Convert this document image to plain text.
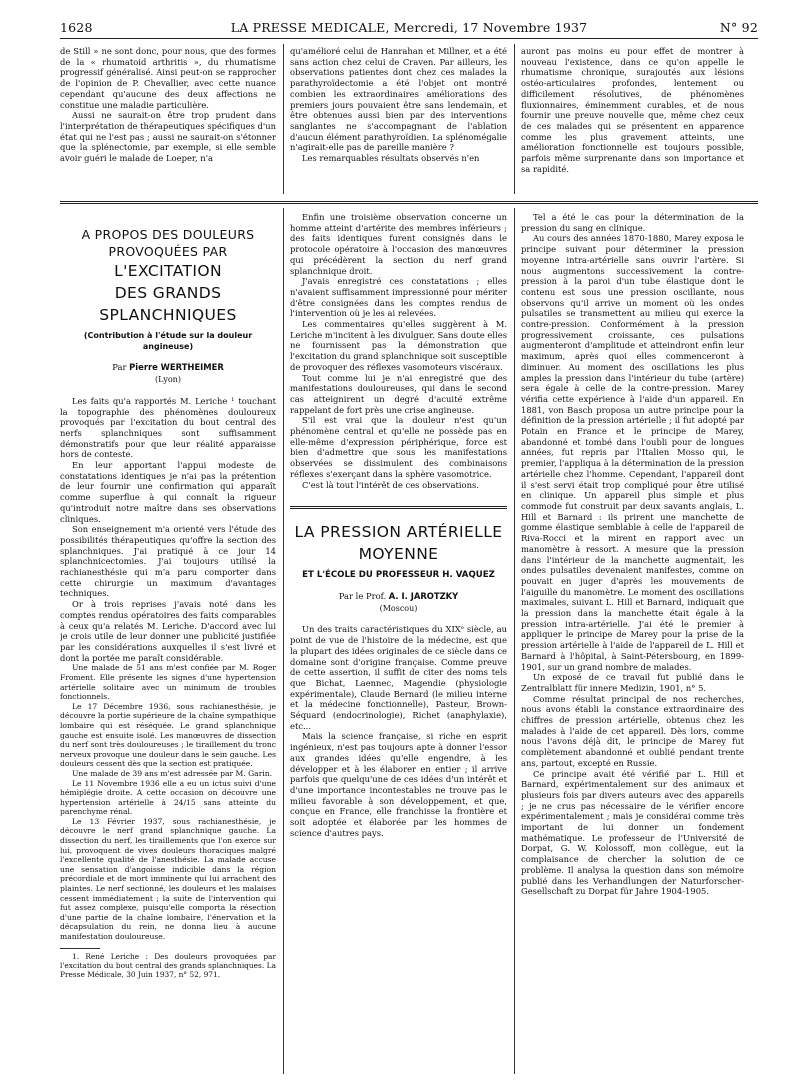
1628	LA PRESSE MEDICALE, Mercredi, 17 Novembre 1937	N° 92

de Still » ne sont donc, pour nous, que des formes de la « rhumatoid arthritis », du rhumatisme progressif généralisé. Ainsi peut-on se rapprocher de l'opinion de P. Chevallier, avec cette nuance cependant qu'aucune des deux affections ne constitue une maladie particulière.

Aussi ne saurait-on être trop prudent dans l'interprétation de thérapeutiques spécifiques d'un état qui ne l'est pas ; aussi ne saurait-on s'étonner que la splénectomie, par exemple, si elle semble avoir guéri le malade de Loeper, n'a

qu'amélioré celui de Hanrahan et Millner, et a été sans action chez celui de Craven. Par ailleurs, les observations patientes dont chez ces malades la parathyroïdectomie a été l'objet ont montré combien les extraordinaires améliorations des premiers jours pouvaient être sans lendemain, et être obtenues aussi bien par des interventions sanglantes ne s'accompagnant de l'ablation d'aucun élément parathyroïdien. La splénomégalie n'agirait-elle pas de pareille manière ?

Les remarquables résultats observés n'en

auront pas moins eu pour effet de montrer à nouveau l'existence, dans ce qu'on appelle le rhumatisme chronique, surajoutés aux lésions ostéo-articulaires profondes, lentement ou difficilement résolutives, de phénomènes fluxionnaires, éminemment curables, et de nous fournir une preuve nouvelle que, même chez ceux de ces malades qui se présentent en apparence comme les plus gravement atteints, une amélioration fonctionnelle est toujours possible, parfois même surprenante dans son importance et sa rapidité.

A PROPOS DES DOULEURS
PROVOQUÉES PAR
L'EXCITATION
DES GRANDS SPLANCHNIQUES
(Contribution à l'étude sur la douleur angineuse)
Par Pierre WERTHEIMER
(Lyon)

Les faits qu'a rapportés M. Leriche ¹ touchant la topographie des phénomènes douloureux provoqués par l'excitation du bout central des nerfs splanchniques sont suffisamment démonstratifs pour que leur réalité apparaisse hors de conteste.

En leur apportant l'appui modeste de constatations identiques je n'ai pas la prétention de leur fournir une confirmation qui apparaît comme superflue à qui connaît la rigueur qu'introduit notre maître dans ses observations cliniques.

Son enseignement m'a orienté vers l'étude des possibilités thérapeutiques qu'offre la section des splanchniques. J'ai pratiqué à ce jour 14 splanchnicectomies. J'ai toujours utilisé la rachianesthésie qui m'a paru comporter dans cette chirurgie un maximum d'avantages techniques.

Or à trois reprises j'avais noté dans les comptes rendus opératoires des faits comparables à ceux qu'a relatés M. Leriche. D'accord avec lui je crois utile de leur donner une publicité justifiée par les considérations auxquelles il s'est livré et dont la portée me paraît considérable.

Une malade de 51 ans m'est confiée par M. Roger Froment. Elle présente les signes d'une hypertension artérielle solitaire avec un minimum de troubles fonctionnels.

Le 17 Décembre 1936, sous rachianesthésie, je découvre la portie supérieure de la chaîne sympathique lombaire qui est réséquée. Le grand splanchnique gauche est ensuite isolé. Les manœuvres de dissection du nerf sont très douloureuses ; le tiraillement du tronc nerveux provoque une douleur dans le sein gauche. Les douleurs cessent dès que la section est pratiquée.

Une malade de 39 ans m'est adressée par M. Garin.

Le 11 Novembre 1936 elle a eu un ictus suivi d'une hémiplégie droite. A cette occasion on découvre une hypertension artérielle à 24/15 sans atteinte du parenchyme rénal.

Le 13 Février 1937, sous rachianesthésie, je découvre le nerf grand splanchnique gauche. La dissection du nerf, les tiraillements que l'on exerce sur lui, provoquent de vives douleurs thoraciques malgré l'excellente qualité de l'anesthésie. La malade accuse une sensation d'angoisse indicible dans la région précordiale et de mort imminente qui lui arrachent des plaintes. Le nerf sectionné, les douleurs et les malaises cessent immédiatement ; la suite de l'intervention qui fut assez complexe, puisqu'elle comporta la résection d'une partie de la chaîne lombaire, l'énervation et la décapsulation du rein, ne donna lieu à aucune manifestation douloureuse.

1. René Leriche : Des douleurs provoquées par l'excitation du bout central des grands splanchniques. La Presse Médicale, 30 Juin 1937, n° 52, 971.

Enfin une troisième observation concerne un homme atteint d'artérite des membres inférieurs ; des faits identiques furent consignés dans le protocole opératoire à l'occasion des manœuvres qui précédèrent la section du nerf grand splanchnique droit.

J'avais enregistré ces constatations ; elles n'avaient suffisamment impressionné pour mériter d'être consignées dans les comptes rendus de l'intervention où je les ai relevées.

Les commentaires qu'elles suggèrent à M. Leriche m'incitent à les divulguer. Sans doute elles ne fournissent pas la démonstration que l'excitation du grand splanchnique soit susceptible de provoquer des réflexes vasomoteurs viscéraux.

Tout comme lui je n'ai enregistré que des manifestations douloureuses, qui dans le second cas atteignirent un degré d'acuité extrême rappelant de fort près une crise angineuse.

S'il est vrai que la douleur n'est qu'un phénomène central et qu'elle ne possède pas en elle-même d'expression périphérique, force est bien d'admettre que sous les manifestations observées se dissimulent des combinaisons réflexes s'exerçant dans la sphère vasomotrice.

C'est là tout l'intérêt de ces observations.

LA PRESSION ARTÉRIELLE
MOYENNE
ET L'ÉCOLE DU PROFESSEUR H. VAQUEZ
Par le Prof. A. I. JAROTZKY
(Moscou)

Un des traits caractéristiques du XIXᵉ siècle, au point de vue de l'histoire de la médecine, est que la plupart des idées originales de ce siècle dans ce domaine sont d'origine française. Comme preuve de cette assertion, il suffit de citer des noms tels que Bichat, Laennec, Magendie (physiologie expérimentale), Claude Bernard (le milieu interne et la médecine fonctionnelle), Pasteur, Brown-Séquard (endocrinologie), Richet (anaphylaxie), etc...

Mais la science française, si riche en esprit ingénieux, n'est pas toujours apte à donner l'essor aux grandes idées qu'elle engendre, à les développer et à les élaborer en entier ; il arrive parfois que quelqu'une de ces idées d'un intérêt et d'une importance incontestables ne trouve pas le milieu favorable à son développement, et que, conçue en France, elle franchisse la frontière et soit adoptée et élaborée par les hommes de science d'autres pays.

Tel a été le cas pour la détermination de la pression du sang en clinique.

Au cours des années 1870-1880, Marey exposa le principe suivant pour déterminer la pression moyenne intra-artérielle sans ouvrir l'artère. Si nous augmentons successivement la contre-pression à la paroi d'un tube élastique dont le contenu est sous une pression oscillante, nous observons qu'il arrive un moment où les ondes pulsatiles se transmettent au milieu qui exerce la contre-pression. Conformément à la pression progressivement croissante, ces pulsations augmenteront d'amplitude et atteindront enfin leur maximum, après quoi elles commenceront à diminuer. Au moment des oscillations les plus amples la pression dans l'intérieur du tube (artère) sera égale à celle de la contre-pression. Marey vérifia cette expérience à l'aide d'un appareil. En 1881, von Basch proposa un autre principe pour la définition de la pression artérielle ; il fut adopté par Potain en France et le principe de Marey, abandonné et tombé dans l'oubli pour de longues années, fut repris par l'Italien Mosso qui, le premier, l'appliqua à la détermination de la pression artérielle chez l'homme. Cependant, l'appareil dont il s'est servi était trop compliqué pour être utilisé en clinique. Un appareil plus simple et plus commode fut construit par deux savants anglais, L. Hill et Barnard : ils prirent une manchette de gomme élastique semblable à celle de l'appareil de Riva-Rocci et la mirent en rapport avec un manomètre à ressort. A mesure que la pression dans l'intérieur de la manchette augmentait, les ondes pulsatiles devenaient manifestes, comme on pouvait en juger d'après les mouvements de l'aiguille du manomètre. Le moment des oscillations maximales, suivant L. Hill et Barnard, indiquait que la pression dans la manchette était égale à la pression intra-artérielle. J'ai été le premier à appliquer le principe de Marey pour la prise de la pression artérielle à l'aide de l'appareil de L. Hill et Barnard à l'hôpital, à Saint-Pétersbourg, en 1899-1901, sur un grand nombre de malades.

Un exposé de ce travail fut publié dans le Zentralblatt für innere Medizin, 1901, n° 5.

Comme résultat principal de nos recherches, nous avons établi la constance extraordinaire des chiffres de pression artérielle, obtenus chez les malades à l'aide de cet appareil. Dès lors, comme nous l'avons déjà dit, le principe de Marey fut complètement abandonné et oublié pendant trente ans, partout, excepté en Russie.

Ce principe avait été vérifié par L. Hill et Barnard, expérimentalement sur des animaux et plusieurs fois par divers auteurs avec des appareils ; je ne crus pas nécessaire de le vérifier encore expérimentalement ; mais je considérai comme très important de lui donner un fondement mathématique. Le professeur de l'Université de Dorpat, G. W. Kolossoff, mon collègue, eut la complaisance de chercher la solution de ce problème. Il analysa la question dans son mémoire publié dans les Verhandlungen der Naturforscher-Gesellschaft zu Dorpat für Jahre 1904-1905.
